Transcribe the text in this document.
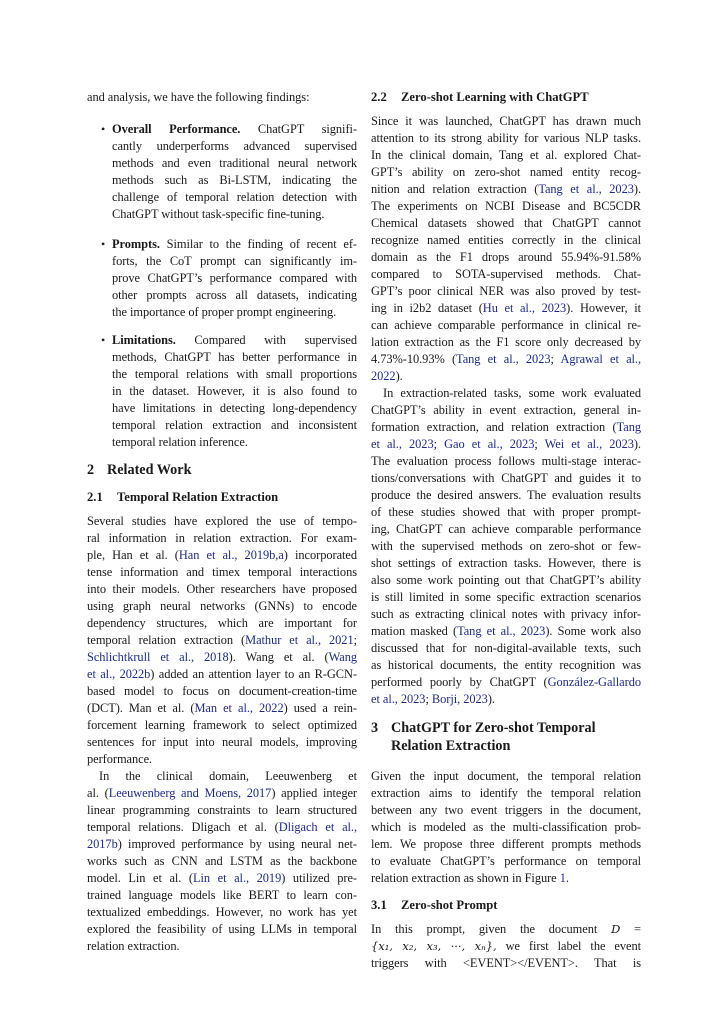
and analysis, we have the following findings:
• Overall Performance. ChatGPT signifi-
cantly underperforms advanced supervised
methods and even traditional neural network
methods such as Bi-LSTM, indicating the
challenge of temporal relation detection with
ChatGPT without task-specific fine-tuning.
• Prompts. Similar to the finding of recent ef-
forts, the CoT prompt can significantly im-
prove ChatGPT’s performance compared with
other prompts across all datasets, indicating
the importance of proper prompt engineering.
• Limitations. Compared with supervised
methods, ChatGPT has better performance in
the temporal relations with small proportions
in the dataset. However, it is also found to
have limitations in detecting long-dependency
temporal relation extraction and inconsistent
temporal relation inference.
2 Related Work
2.1 Temporal Relation Extraction
Several studies have explored the use of tempo-
ral information in relation extraction. For exam-
ple, Han et al. (Han et al., 2019b,a) incorporated
tense information and timex temporal interactions
into their models. Other researchers have proposed
using graph neural networks (GNNs) to encode
dependency structures, which are important for
temporal relation extraction (Mathur et al., 2021;
Schlichtkrull et al., 2018). Wang et al. (Wang
et al., 2022b) added an attention layer to an R-GCN-
based model to focus on document-creation-time
(DCT). Man et al. (Man et al., 2022) used a rein-
forcement learning framework to select optimized
sentences for input into neural models, improving
performance.
In the clinical domain, Leeuwenberg et
al. (Leeuwenberg and Moens, 2017) applied integer
linear programming constraints to learn structured
temporal relations. Dligach et al. (Dligach et al.,
2017b) improved performance by using neural net-
works such as CNN and LSTM as the backbone
model. Lin et al. (Lin et al., 2019) utilized pre-
trained language models like BERT to learn con-
textualized embeddings. However, no work has yet
explored the feasibility of using LLMs in temporal
relation extraction.
2.2 Zero-shot Learning with ChatGPT
Since it was launched, ChatGPT has drawn much
attention to its strong ability for various NLP tasks.
In the clinical domain, Tang et al. explored Chat-
GPT’s ability on zero-shot named entity recog-
nition and relation extraction (Tang et al., 2023).
The experiments on NCBI Disease and BC5CDR
Chemical datasets showed that ChatGPT cannot
recognize named entities correctly in the clinical
domain as the F1 drops around 55.94%-91.58%
compared to SOTA-supervised methods. Chat-
GPT’s poor clinical NER was also proved by test-
ing in i2b2 dataset (Hu et al., 2023). However, it
can achieve comparable performance in clinical re-
lation extraction as the F1 score only decreased by
4.73%-10.93% (Tang et al., 2023; Agrawal et al.,
2022).
In extraction-related tasks, some work evaluated
ChatGPT’s ability in event extraction, general in-
formation extraction, and relation extraction (Tang
et al., 2023; Gao et al., 2023; Wei et al., 2023).
The evaluation process follows multi-stage interac-
tions/conversations with ChatGPT and guides it to
produce the desired answers. The evaluation results
of these studies showed that with proper prompt-
ing, ChatGPT can achieve comparable performance
with the supervised methods on zero-shot or few-
shot settings of extraction tasks. However, there is
also some work pointing out that ChatGPT’s ability
is still limited in some specific extraction scenarios
such as extracting clinical notes with privacy infor-
mation masked (Tang et al., 2023). Some work also
discussed that for non-digital-available texts, such
as historical documents, the entity recognition was
performed poorly by ChatGPT (González-Gallardo
et al., 2023; Borji, 2023).
3 ChatGPT for Zero-shot Temporal
Relation Extraction
Given the input document, the temporal relation
extraction aims to identify the temporal relation
between any two event triggers in the document,
which is modeled as the multi-classification prob-
lem. We propose three different prompts methods
to evaluate ChatGPT’s performance on temporal
relation extraction as shown in Figure 1.
3.1 Zero-shot Prompt
In this prompt, given the document D =
{x₁, x₂, x₃, ···, xₙ}, we first label the event
triggers with <EVENT></EVENT>. That is
